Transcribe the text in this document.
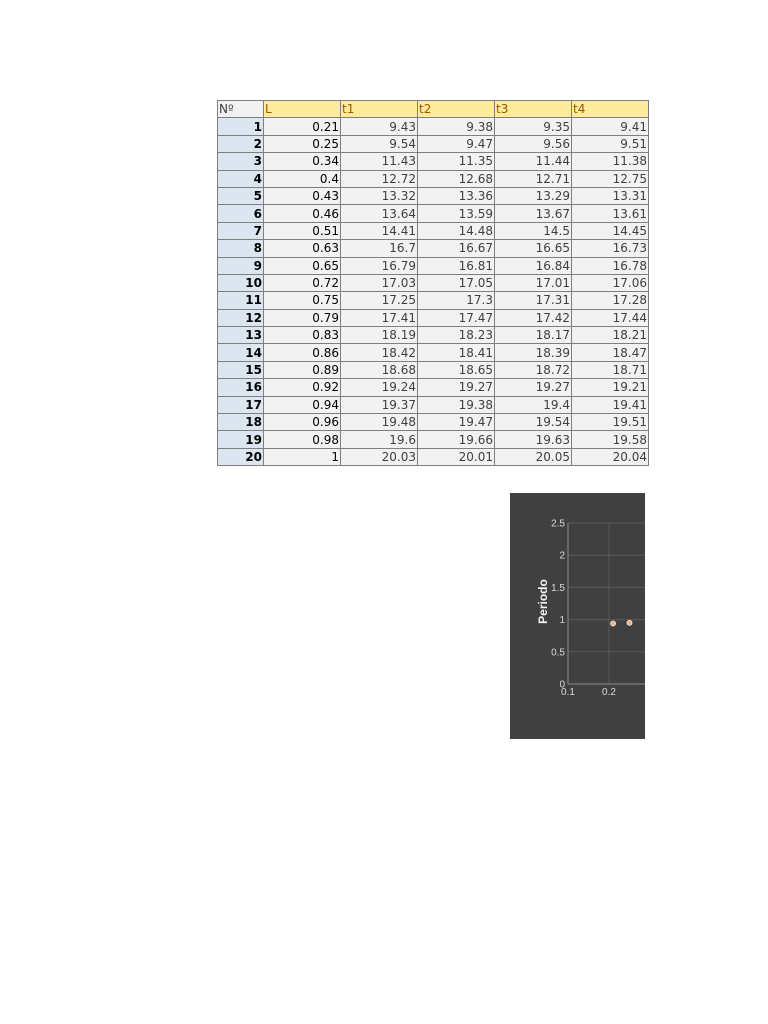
Nº	L	t1	t2	t3	t4
1	0.21	9.43	9.38	9.35	9.41
2	0.25	9.54	9.47	9.56	9.51
3	0.34	11.43	11.35	11.44	11.38
4	0.4	12.72	12.68	12.71	12.75
5	0.43	13.32	13.36	13.29	13.31
6	0.46	13.64	13.59	13.67	13.61
7	0.51	14.41	14.48	14.5	14.45
8	0.63	16.7	16.67	16.65	16.73
9	0.65	16.79	16.81	16.84	16.78
10	0.72	17.03	17.05	17.01	17.06
11	0.75	17.25	17.3	17.31	17.28
12	0.79	17.41	17.47	17.42	17.44
13	0.83	18.19	18.23	18.17	18.21
14	0.86	18.42	18.41	18.39	18.47
15	0.89	18.68	18.65	18.72	18.71
16	0.92	19.24	19.27	19.27	19.21
17	0.94	19.37	19.38	19.4	19.41
18	0.96	19.48	19.47	19.54	19.51
19	0.98	19.6	19.66	19.63	19.58
20	1	20.03	20.01	20.05	20.04
0
0.5
1
1.5
2
2.5
0.1	0.2
Periodo
